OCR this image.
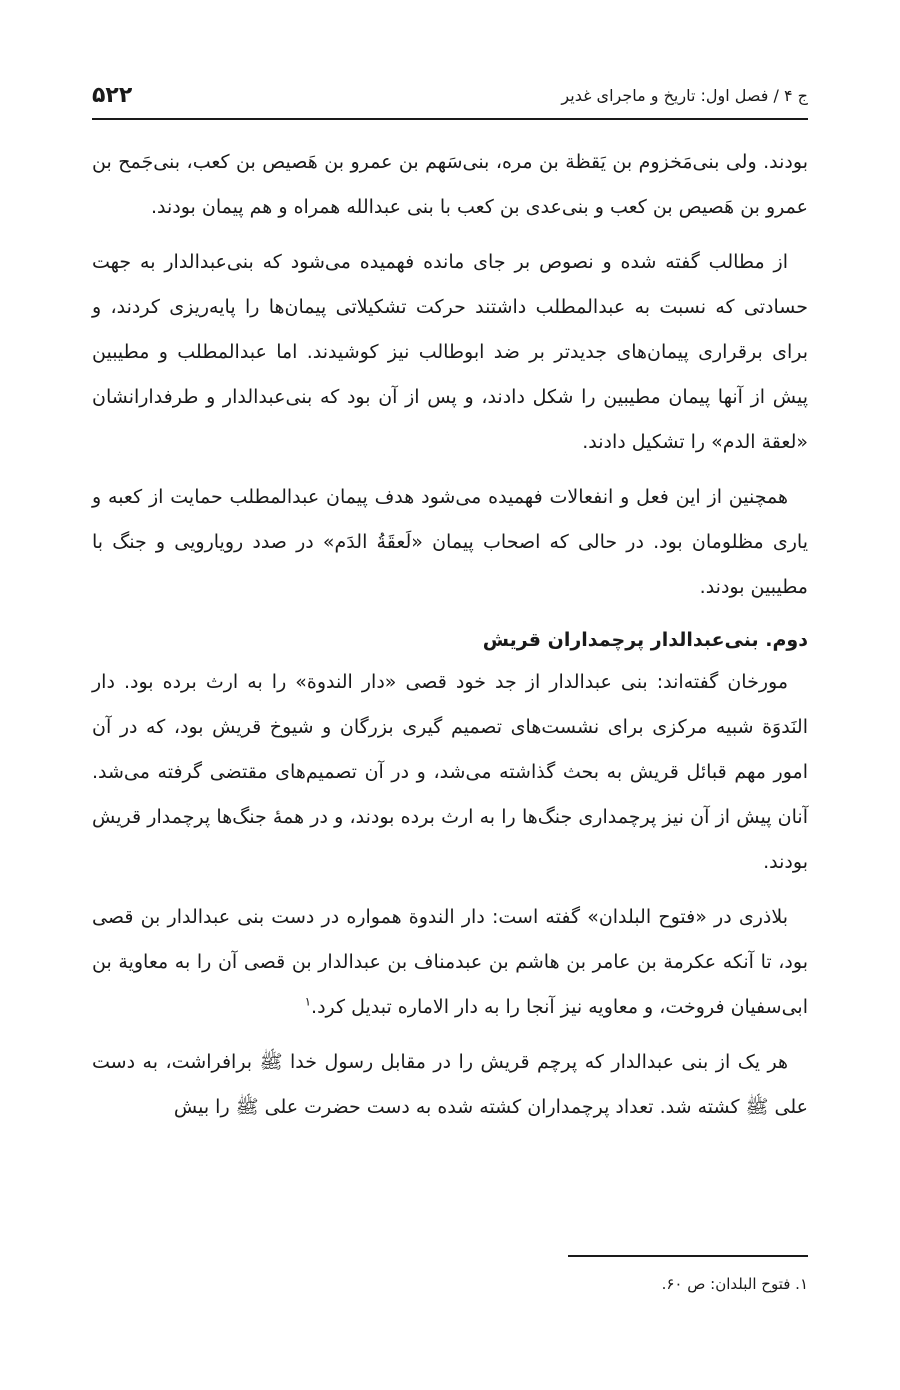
ج ۴ / فصل اول: تاریخ و ماجرای غدیر
۵۲۲

بودند. ولی بنی‌مَخزوم بن یَقظة بن مره، بنی‌سَهم بن عمرو بن هَصیص بن کعب، بنی‌جَمح بن عمرو بن هَصیص بن کعب و بنی‌عدی بن کعب با بنی عبدالله همراه و هم پیمان بودند.

از مطالب گفته شده و نصوص بر جای مانده فهمیده می‌شود که بنی‌عبدالدار به جهت حسادتی که نسبت به عبدالمطلب داشتند حرکت تشکیلاتی پیمان‌ها را پایه‌ریزی کردند، و برای برقراری پیمان‌های جدیدتر بر ضد ابوطالب نیز کوشیدند. اما عبدالمطلب و مطیبین پیش از آنها پیمان مطیبین را شکل دادند، و پس از آن بود که بنی‌عبدالدار و طرفدارانشان «لعقة الدم» را تشکیل دادند.

همچنین از این فعل و انفعالات فهمیده می‌شود هدف پیمان عبدالمطلب حمایت از کعبه و یاری مظلومان بود. در حالی که اصحاب پیمان «لَعقَةُ الدَم» در صدد رویارویی و جنگ با مطیبین بودند.

دوم. بنی‌عبدالدار پرچمداران قریش

مورخان گفته‌اند: بنی عبدالدار از جد خود قصی «دار الندوة» را به ارث برده بود. دار النَدوَة شبیه مرکزی برای نشست‌های تصمیم گیری بزرگان و شیوخ قریش بود، که در آن امور مهم قبائل قریش به بحث گذاشته می‌شد، و در آن تصمیم‌های مقتضی گرفته می‌شد. آنان پیش از آن نیز پرچمداری جنگ‌ها را به ارث برده بودند، و در همهٔ جنگ‌ها پرچمدار قریش بودند.

بلاذری در «فتوح البلدان» گفته است: دار الندوة همواره در دست بنی عبدالدار بن قصی بود، تا آنکه عکرمة بن عامر بن هاشم بن عبدمناف بن عبدالدار بن قصی آن را به معاویة بن ابی‌سفیان فروخت، و معاویه نیز آنجا را به دار الاماره تبدیل کرد.$^١$

هر یک از بنی عبدالدار که پرچم قریش را در مقابل رسول خدا ﷺ برافراشت، به دست علی ﷺ کشته شد. تعداد پرچمداران کشته شده به دست حضرت علی ﷺ را بیش

١. فتوح البلدان: ص ۶٠.
